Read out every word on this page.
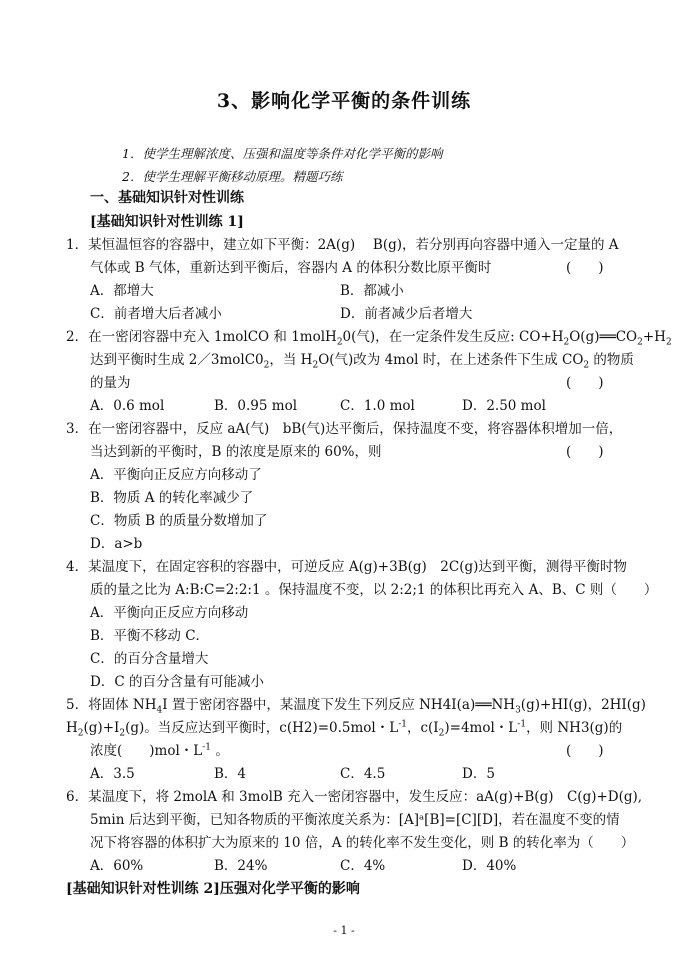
3、影响化学平衡的条件训练
1．使学生理解浓度、压强和温度等条件对化学平衡的影响
2．使学生理解平衡移动原理。精题巧练
一、基础知识针对性训练
[基础知识针对性训练 1]
1．某恒温恒容的容器中，建立如下平衡：2A(g)　 B(g)，若分别再向容器中通入一定量的 A
气体或 B 气体，重新达到平衡后，容器内 A 的体积分数比原平衡时	(　　)
A．都增大	B．都减小
C．前者增大后者减小	D．前者减少后者增大
2．在一密闭容器中充入 1molCO 和 1molH$_2$0(气)，在一定条件发生反应: $CO+H_2O(g)══CO_2+H_2$
达到平衡时生成 $2/3molC0_2$，当 $H_2O$(气)改为 4mol 时，在上述条件下生成 $CO_2$ 的物质
的量为	(　　)
A．0.6 mol	B．0.95 mol	C．1.0 mol	D．2.50 mol
3．在一密闭容器中，反应 aA(气)　bB(气)达平衡后，保持温度不变，将容器体积增加一倍，
当达到新的平衡时，B 的浓度是原来的 60%，则	(　　)
A．平衡向正反应方向移动了
B．物质 A 的转化率减少了
C．物质 B 的质量分数增加了
D．a>b
4．某温度下，在固定容积的容器中，可逆反应 A(g)+3B(g)　2C(g)达到平衡，测得平衡时物
质的量之比为 A:B:C=2:2:1 。保持温度不变，以 2:2;1 的体积比再充入 A、B、C 则（　　）
A．平衡向正反应方向移动
B．平衡不移动 C．
C．的百分含量增大
D．C 的百分含量有可能减小
5．将固体 $NH_4I$ 置于密闭容器中，某温度下发生下列反应 $NH4I(a)══NH_3(g)+HI(g)$，2HI(g)
$H_2(g)+I_2(g)$。当反应达到平衡时，c(H2)=0.5mol・$L^{-1}$，$c(I_2)=4mol$・$L^{-1}$，则 NH3(g)的
浓度(　　)mol・$L^{-1}$ 。	(　　)
A．3.5	B．4	C．4.5	D．5
6．某温度下，将 2molA 和 3molB 充入一密闭容器中，发生反应：aA(g)+B(g)　C(g)+D(g),
5min 后达到平衡，已知各物质的平衡浓度关系为：[A]ᵃ[B]=[C][D]，若在温度不变的情
况下将容器的体积扩大为原来的 10 倍，A 的转化率不发生变化，则 B 的转化率为（　　）
A．60%	B．24%	C．4%	D．40%
[基础知识针对性训练 2]压强对化学平衡的影响
- 1 -
